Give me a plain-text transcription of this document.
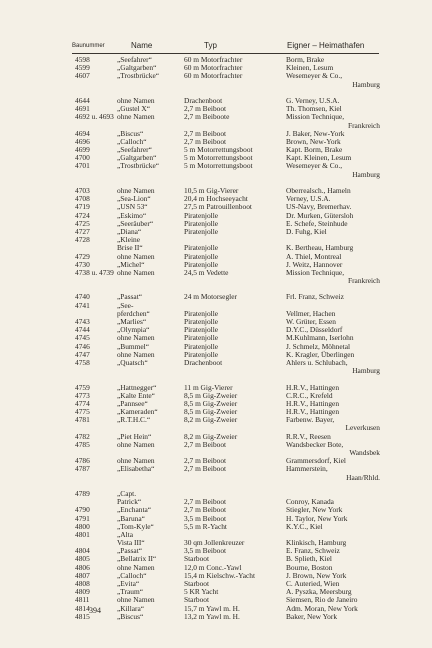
Baunummer	Name	Typ	Eigner – Heimathafen
4598	„Seefahrer“	60 m Motorfrachter	Borm, Brake
4599	„Galtgarben“	60 m Motorfrachter	Kleinen, Lesum
4607	„Trostbrücke“	60 m Motorfrachter	Wesemeyer & Co.,
Hamburg
4644	ohne Namen	Drachenboot	G. Verney, U.S.A.
4691	„Gustel X“	2,7 m Beiboot	Th. Thomsen, Kiel
4692 u. 4693 ohne Namen	2,7 m Beiboote	Mission Technique,
Frankreich
4694	„Biscus“	2,7 m Beiboot	J. Baker, New-York
4696	„Calloch“	2,7 m Beiboot	Brown, New-York
4699	„Seefahrer“	5 m Motorrettungsboot	Kapt. Borm, Brake
4700	„Galtgarben“	5 m Motorrettungsboot	Kapt. Kleinen, Lesum
4701	„Trostbrücke“	5 m Motorrettungsboot	Wesemeyer & Co.,
Hamburg
4703	ohne Namen	10,5 m Gig-Vierer	Oberrealsch., Hameln
4708	„Sea-Lion“	20,4 m Hochseeyacht	Verney, U.S.A.
4719	„USN 53“	27,5 m Patrouillenboot	US-Navy, Bremerhav.
4724	„Eskimo“	Piratenjolle	Dr. Murken, Gütersloh
4725	„Seeräuber“	Piratenjolle	E. Schefe, Steinhude
4727	„Diana“	Piratenjolle	D. Fuhg, Kiel
4728	„Kleine
Brise II“	Piratenjolle	K. Bertheau, Hamburg
4729	ohne Namen	Piratenjolle	A. Thiel, Montreal
4730	„Michel“	Piratenjolle	J. Weitz, Hannover
4738 u. 4739 ohne Namen	24,5 m Vedette	Mission Technique,
Frankreich
4740	„Passat“	24 m Motorsegler	Frl. Franz, Schweiz
4741	„See-
pferdchen“	Piratenjolle	Vellmer, Hachen
4743	„Marlies“	Piratenjolle	W. Grüter, Essen
4744	„Olympia“	Piratenjolle	D.Y.C., Düsseldorf
4745	ohne Namen	Piratenjolle	M.Kuhlmann, Iserlohn
4746	„Bummel“	Piratenjolle	J. Schmelz, Möhnetal
4747	ohne Namen	Piratenjolle	K. Kragler, Überlingen
4758	„Quatsch“	Drachenboot	Ahlers u. Schlubach,
Hamburg
4759	„Hattnegger“	11 m Gig-Vierer	H.R.V., Hattingen
4773	„Kalte Ente“	8,5 m Gig-Zweier	C.R.C., Krefeld
4774	„Pannsee“	8,5 m Gig-Zweier	H.R.V., Hattingen
4775	„Kameraden“	8,5 m Gig-Zweier	H.R.V., Hattingen
4781	„R.T.H.C.“	8,2 m Gig-Zweier	Farbenw. Bayer,
Leverkusen
4782	„Piet Hein“	8,2 m Gig-Zweier	R.R.V., Reesen
4785	ohne Namen	2,7 m Beiboot	Wandsbecker Bote,
Wandsbek
4786	ohne Namen	2,7 m Beiboot	Grammersdorf, Kiel
4787	„Elisabetha“	2,7 m Beiboot	Hammerstein,
Haan/Rhld.
4789	„Capt.
Patrick“	2,7 m Beiboot	Conroy, Kanada
4790	„Enchanta“	2,7 m Beiboot	Stiegler, New York
4791	„Baruna“	3,5 m Beiboot	H. Taylor, New York
4800	„Tom-Kyle“	5,5 m R-Yacht	K.Y.C., Kiel
4801	„Alta
Vista III“	30 qm Jollenkreuzer	Klinkisch, Hamburg
4804	„Passat“	3,5 m Beiboot	E. Franz, Schweiz
4805	„Bellatrix II“	Starboot	B. Splieth, Kiel
4806	ohne Namen	12,0 m Conc.-Yawl	Bourne, Boston
4807	„Calloch“	15,4 m Kielschw.-Yacht	J. Brown, New York
4808	„Evita“	Starboot	C. Auteried, Wien
4809	„Traum“	5 KR Yacht	A. Pyszka, Meersburg
4811	ohne Namen	Starboot	Siemsen, Rio de Janeiro
4814	„Killara“	15,7 m Yawl m. H.	Adm. Moran, New York
4815	„Biscus“	13,2 m Yawl m. H.	Baker, New York
394
